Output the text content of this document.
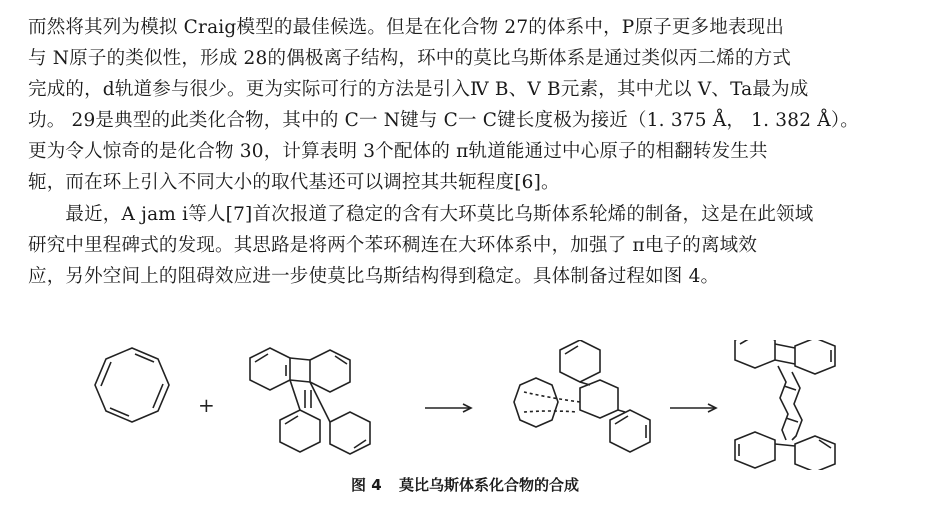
而然将其列为模拟 Craig模型的最佳候选。但是在化合物 27的体系中，P原子更多地表现出
与 N原子的类似性，形成 28的偶极离子结构，环中的莫比乌斯体系是通过类似丙二烯的方式
完成的，d轨道参与很少。更为实际可行的方法是引入Ⅳ B、Ⅴ B元素，其中尤以 V、Ta最为成
功。 29是典型的此类化合物，其中的 C一 N键与 C一 C键长度极为接近（1. 375 Å， 1. 382 Å）。
更为令人惊奇的是化合物 30，计算表明 3个配体的 π轨道能通过中心原子的相翻转发生共
轭，而在环上引入不同大小的取代基还可以调控其共轭程度[6]。
　　最近，A jam i等人[7]首次报道了稳定的含有大环莫比乌斯体系轮烯的制备，这是在此领域
研究中里程碑式的发现。其思路是将两个苯环稠连在大环体系中，加强了 π电子的离域效
应，另外空间上的阻碍效应进一步使莫比乌斯结构得到稳定。具体制备过程如图 4。
+
图 4 莫比乌斯体系化合物的合成
